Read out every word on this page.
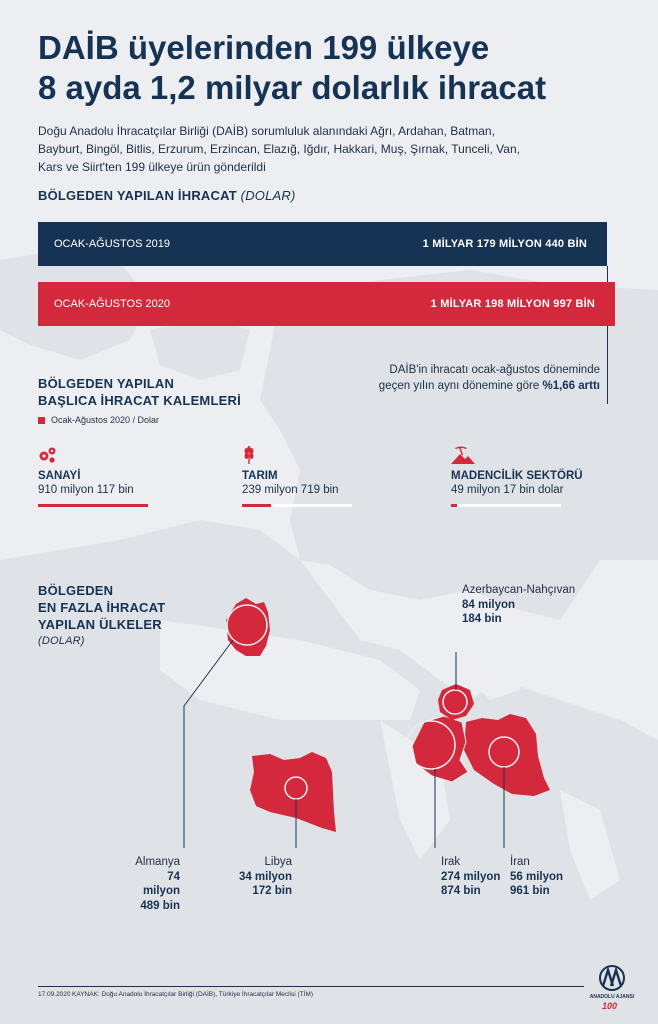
DAİB üyelerinden 199 ülkeye
8 ayda 1,2 milyar dolarlık ihracat
Doğu Anadolu İhracatçılar Birliği (DAİB) sorumluluk alanındaki Ağrı, Ardahan, Batman, Bayburt, Bingöl, Bitlis, Erzurum, Erzincan, Elazığ, Iğdır, Hakkari, Muş, Şırnak, Tunceli, Van, Kars ve Siirt'ten 199 ülkeye ürün gönderildi
BÖLGEDEN YAPILAN İHRACAT (DOLAR)
OCAK-AĞUSTOS 2019	1 MİLYAR 179 MİLYON 440 BİN
OCAK-AĞUSTOS 2020	1 MİLYAR 198 MİLYON 997 BİN
DAİB'in ihracatı ocak-ağustos döneminde geçen yılın aynı dönemine göre %1,66 arttı
BÖLGEDEN YAPILAN
BAŞLICA İHRACAT KALEMLERİ
Ocak-Ağustos 2020 / Dolar
SANAYİ
910 milyon 117 bin
TARIM
239 milyon 719 bin
MADENCİLİK SEKTÖRÜ
49 milyon 17 bin dolar
BÖLGEDEN
EN FAZLA İHRACAT
YAPILAN ÜLKELER
(DOLAR)
Almanya
74 milyon
489 bin
Libya
34 milyon
172 bin
Irak
274 milyon
874 bin
İran
56 milyon
961 bin
Azerbaycan-Nahçıvan
84 milyon
184 bin
17.09.2020 KAYNAK: Doğu Anadolu İhracatçılar Birliği (DAİB), Türkiye İhracatçılar Meclisi (TİM)	ANADOLU AJANSI
100
